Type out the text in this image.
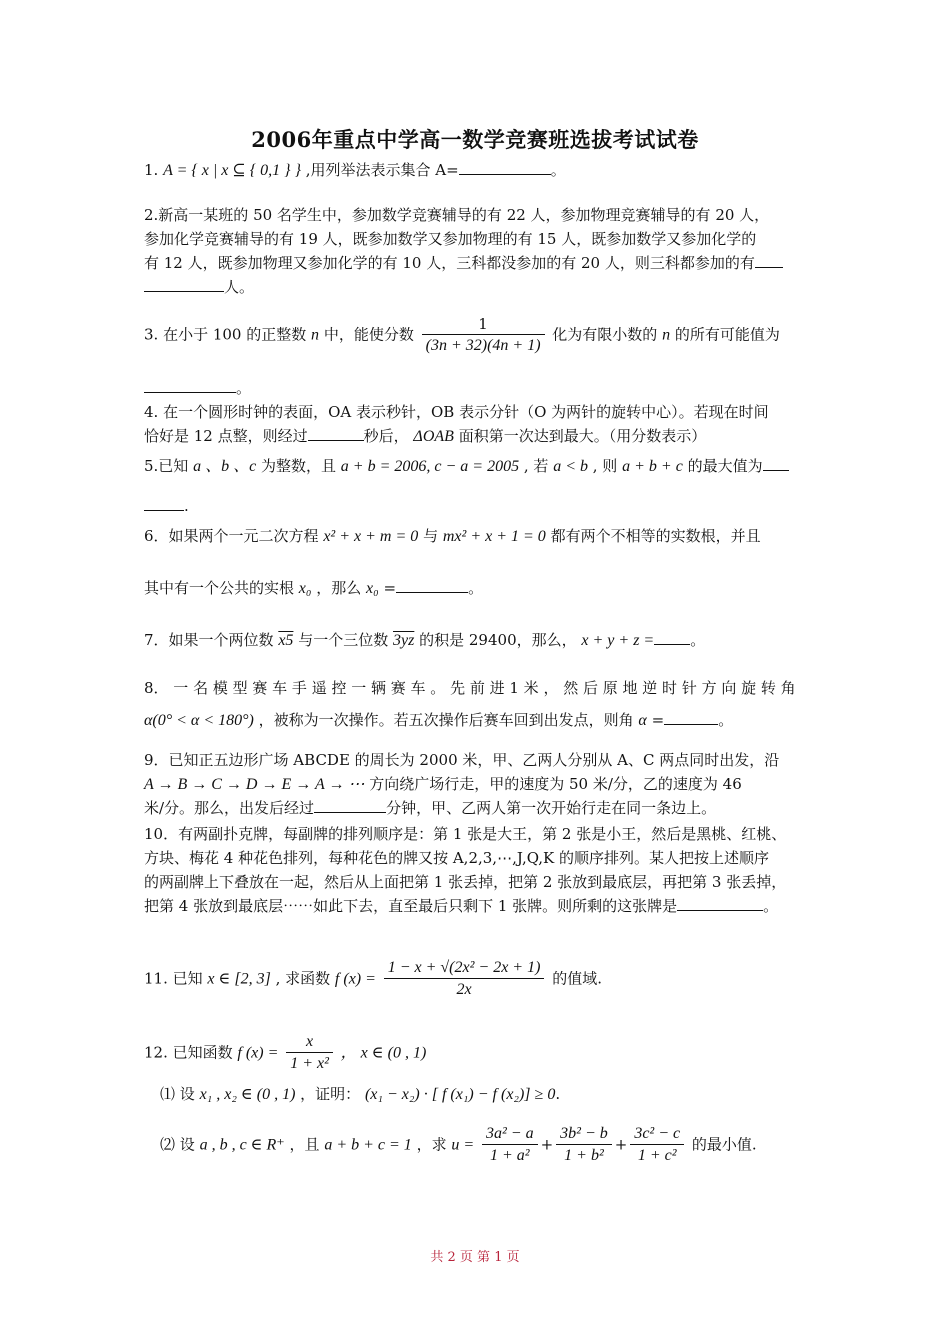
2006年重点中学高一数学竞赛班选拔考试试卷
1. A = { x | x ⊆ { 0,1 } } ,用列举法表示集合 A=	。
2.新高一某班的 50 名学生中，参加数学竞赛辅导的有 22 人，参加物理竞赛辅导的有 20 人，
参加化学竞赛辅导的有 19 人，既参加数学又参加物理的有 15 人，既参加数学又参加化学的
有 12 人，既参加物理又参加化学的有 10 人，三科都没参加的有 20 人，则三科都参加的有
人。
3. 在小于 100 的正整数 n 中，能使分数 $\frac{1}{(3n + 32)(4n + 1)}$ 化为有限小数的 n 的所有可能值为
。
4. 在一个圆形时钟的表面，OA 表示秒针，OB 表示分针（O 为两针的旋转中心）。若现在时间
恰好是 12 点整，则经过	秒后， ΔOAB 面积第一次达到最大。（用分数表示）
5.已知 a 、b 、c 为整数，且 a + b = 2006, c − a = 2005 , 若 a < b , 则 a + b + c 的最大值为
.
6．如果两个一元二次方程 x² + x + m = 0 与 mx² + x + 1 = 0 都有两个不相等的实数根，并且
其中有一个公共的实根 x₀ ，那么 x₀ =	。
7．如果一个两位数 x5 与一个三位数 3yz 的积是 29400，那么， x + y + z = 。
8． 一 名 模 型 赛 车 手 遥 控 一 辆 赛 车 。 先 前 进 1 米 ， 然 后 原 地 逆 时 针 方 向 旋 转 角
α(0° < α < 180°) ，被称为一次操作。若五次操作后赛车回到出发点，则角 α =	。
9．已知正五边形广场 ABCDE 的周长为 2000 米，甲、乙两人分别从 A、C 两点同时出发，沿
A → B → C → D → E → A → ⋯ 方向绕广场行走，甲的速度为 50 米/分，乙的速度为 46
米/分。那么，出发后经过	分钟，甲、乙两人第一次开始行走在同一条边上。
10．有两副扑克牌，每副牌的排列顺序是：第 1 张是大王，第 2 张是小王，然后是黑桃、红桃、
方块、梅花 4 种花色排列，每种花色的牌又按 A,2,3,⋯,J,Q,K 的顺序排列。某人把按上述顺序
的两副牌上下叠放在一起，然后从上面把第 1 张丢掉，把第 2 张放到最底层，再把第 3 张丢掉，
把第 4 张放到最底层⋯⋯如此下去，直至最后只剩下 1 张牌。则所剩的这张牌是	。
11. 已知 x ∈ [2, 3] , 求函数 f $(x) = \frac{\text{1 − x + √(2x² − 2x + 1)}}{2x}$ 的值域.
12. 已知函数 f $(x) = \frac{x}{\text{1 + x²}}$ ， x ∈ (0 , 1)
⑴ 设 x₁ , x₂ ∈ (0 , 1) ，证明： (x₁ − x₂) · [ f (x₁) − f (x₂)] ≥ 0.
⑵ 设 a , b , c ∈ R⁺ ，且 a + b + c = 1 ，求 $u = \frac{\text{3a² − a}}{\text{1 + a²}} + \frac{\text{3b² − b}}{\text{1 + b²}} + \frac{\text{3c² − c}}{\text{1 + c²}}$ 的最小值.
共 2 页 第 1 页
